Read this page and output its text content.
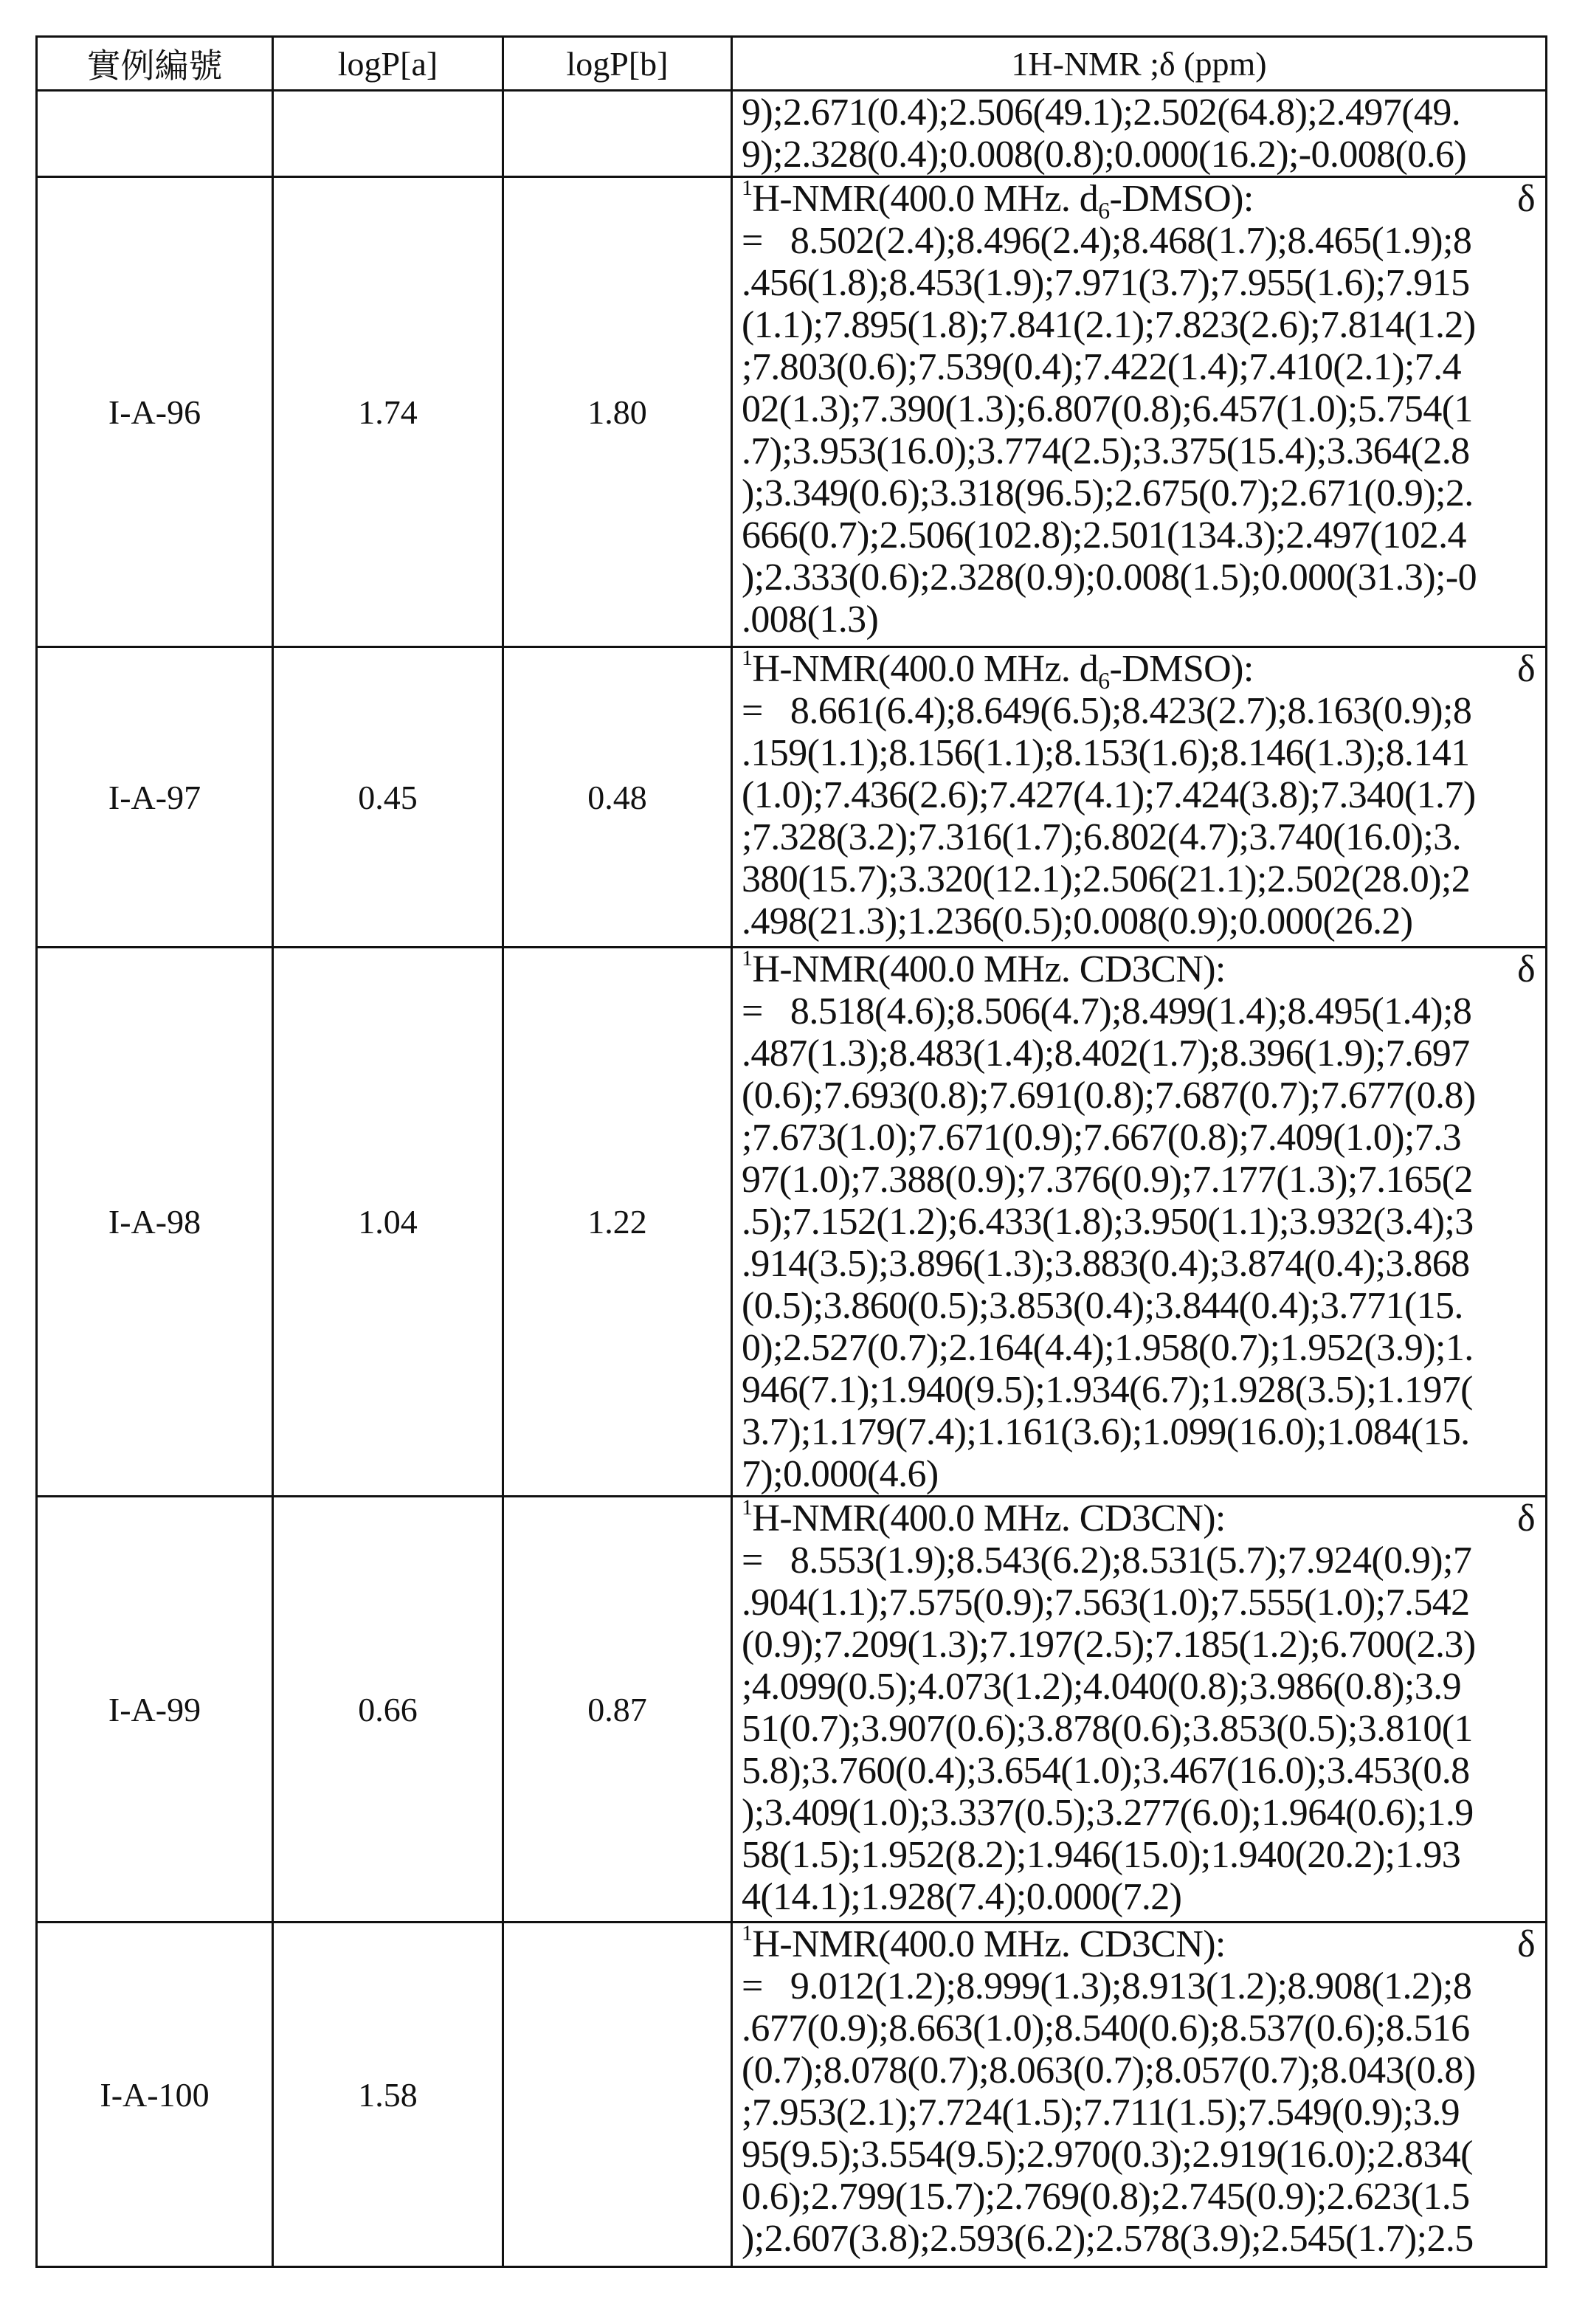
實例編號	logP[a]	logP[b]	1H-NMR ;δ (ppm)

9);2.671(0.4);2.506(49.1);2.502(64.8);2.497(49.
9);2.328(0.4);0.008(0.8);0.000(16.2);-0.008(0.6)

I-A-96	1.74	1.80	
1H-NMR(400.0 MHz. d6-DMSO):	δ
=   8.502(2.4);8.496(2.4);8.468(1.7);8.465(1.9);8
.456(1.8);8.453(1.9);7.971(3.7);7.955(1.6);7.915
(1.1);7.895(1.8);7.841(2.1);7.823(2.6);7.814(1.2)
;7.803(0.6);7.539(0.4);7.422(1.4);7.410(2.1);7.4
02(1.3);7.390(1.3);6.807(0.8);6.457(1.0);5.754(1
.7);3.953(16.0);3.774(2.5);3.375(15.4);3.364(2.8
);3.349(0.6);3.318(96.5);2.675(0.7);2.671(0.9);2.
666(0.7);2.506(102.8);2.501(134.3);2.497(102.4
);2.333(0.6);2.328(0.9);0.008(1.5);0.000(31.3);-0
.008(1.3)

I-A-97	0.45	0.48	
1H-NMR(400.0 MHz. d6-DMSO):	δ
=   8.661(6.4);8.649(6.5);8.423(2.7);8.163(0.9);8
.159(1.1);8.156(1.1);8.153(1.6);8.146(1.3);8.141
(1.0);7.436(2.6);7.427(4.1);7.424(3.8);7.340(1.7)
;7.328(3.2);7.316(1.7);6.802(4.7);3.740(16.0);3.
380(15.7);3.320(12.1);2.506(21.1);2.502(28.0);2
.498(21.3);1.236(0.5);0.008(0.9);0.000(26.2)

I-A-98	1.04	1.22	
1H-NMR(400.0 MHz. CD3CN):	δ
=   8.518(4.6);8.506(4.7);8.499(1.4);8.495(1.4);8
.487(1.3);8.483(1.4);8.402(1.7);8.396(1.9);7.697
(0.6);7.693(0.8);7.691(0.8);7.687(0.7);7.677(0.8)
;7.673(1.0);7.671(0.9);7.667(0.8);7.409(1.0);7.3
97(1.0);7.388(0.9);7.376(0.9);7.177(1.3);7.165(2
.5);7.152(1.2);6.433(1.8);3.950(1.1);3.932(3.4);3
.914(3.5);3.896(1.3);3.883(0.4);3.874(0.4);3.868
(0.5);3.860(0.5);3.853(0.4);3.844(0.4);3.771(15.
0);2.527(0.7);2.164(4.4);1.958(0.7);1.952(3.9);1.
946(7.1);1.940(9.5);1.934(6.7);1.928(3.5);1.197(
3.7);1.179(7.4);1.161(3.6);1.099(16.0);1.084(15.
7);0.000(4.6)

I-A-99	0.66	0.87	
1H-NMR(400.0 MHz. CD3CN):	δ
=   8.553(1.9);8.543(6.2);8.531(5.7);7.924(0.9);7
.904(1.1);7.575(0.9);7.563(1.0);7.555(1.0);7.542
(0.9);7.209(1.3);7.197(2.5);7.185(1.2);6.700(2.3)
;4.099(0.5);4.073(1.2);4.040(0.8);3.986(0.8);3.9
51(0.7);3.907(0.6);3.878(0.6);3.853(0.5);3.810(1
5.8);3.760(0.4);3.654(1.0);3.467(16.0);3.453(0.8
);3.409(1.0);3.337(0.5);3.277(6.0);1.964(0.6);1.9
58(1.5);1.952(8.2);1.946(15.0);1.940(20.2);1.93
4(14.1);1.928(7.4);0.000(7.2)

I-A-100	1.58		
1H-NMR(400.0 MHz. CD3CN):	δ
=   9.012(1.2);8.999(1.3);8.913(1.2);8.908(1.2);8
.677(0.9);8.663(1.0);8.540(0.6);8.537(0.6);8.516
(0.7);8.078(0.7);8.063(0.7);8.057(0.7);8.043(0.8)
;7.953(2.1);7.724(1.5);7.711(1.5);7.549(0.9);3.9
95(9.5);3.554(9.5);2.970(0.3);2.919(16.0);2.834(
0.6);2.799(15.7);2.769(0.8);2.745(0.9);2.623(1.5
);2.607(3.8);2.593(6.2);2.578(3.9);2.545(1.7);2.5
